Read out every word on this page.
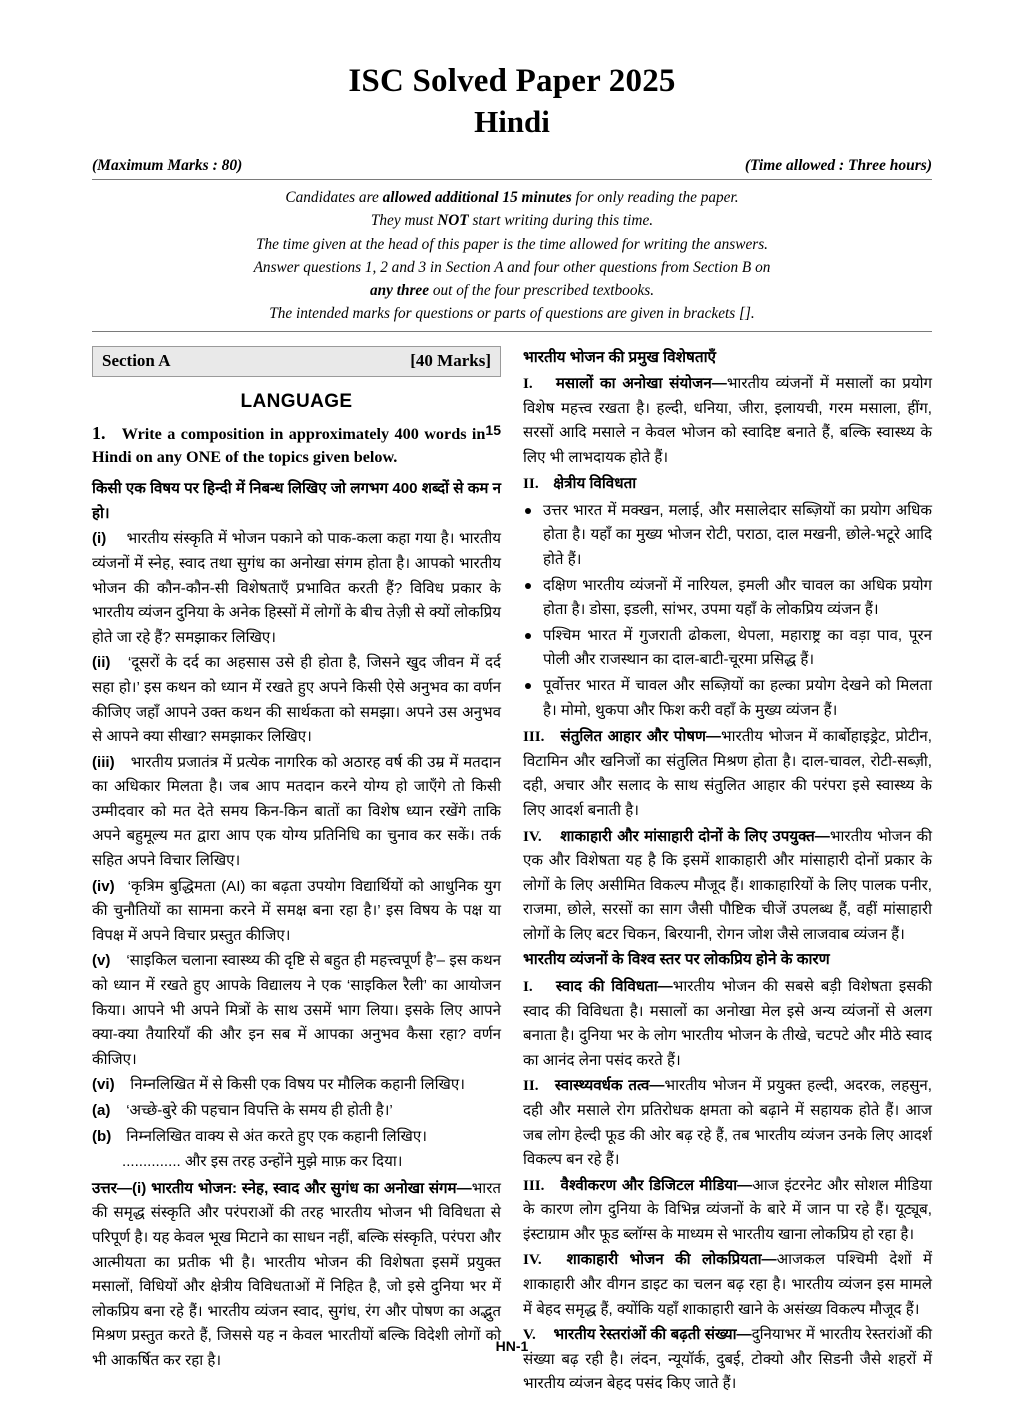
ISC Solved Paper 2025
Hindi
(Maximum Marks : 80)	(Time allowed : Three hours)
Candidates are allowed additional 15 minutes for only reading the paper.
They must NOT start writing during this time.
The time given at the head of this paper is the time allowed for writing the answers.
Answer questions 1, 2 and 3 in Section A and four other questions from Section B on
any three out of the four prescribed textbooks.
The intended marks for questions or parts of questions are given in brackets [].
Section A	[40 Marks]
LANGUAGE
15
1. Write a composition in approximately 400 words in Hindi on any ONE of the topics given below.
किसी एक विषय पर हिन्दी में निबन्ध लिखिए जो लगभग 400 शब्दों से कम न हो।
(i) भारतीय संस्कृति में भोजन पकाने को पाक-कला कहा गया है। भारतीय व्यंजनों में स्नेह, स्वाद तथा सुगंध का अनोखा संगम होता है। आपको भारतीय भोजन की कौन-कौन-सी विशेषताएँ प्रभावित करती हैं? विविध प्रकार के भारतीय व्यंजन दुनिया के अनेक हिस्सों में लोगों के बीच तेज़ी से क्यों लोकप्रिय होते जा रहे हैं? समझाकर लिखिए।
(ii) ‘दूसरों के दर्द का अहसास उसे ही होता है, जिसने खुद जीवन में दर्द सहा हो।’ इस कथन को ध्यान में रखते हुए अपने किसी ऐसे अनुभव का वर्णन कीजिए जहाँ आपने उक्त कथन की सार्थकता को समझा। अपने उस अनुभव से आपने क्या सीखा? समझाकर लिखिए।
(iii) भारतीय प्रजातंत्र में प्रत्येक नागरिक को अठारह वर्ष की उम्र में मतदान का अधिकार मिलता है। जब आप मतदान करने योग्य हो जाएँगे तो किसी उम्मीदवार को मत देते समय किन-किन बातों का विशेष ध्यान रखेंगे ताकि अपने बहुमूल्य मत द्वारा आप एक योग्य प्रतिनिधि का चुनाव कर सकें। तर्क सहित अपने विचार लिखिए।
(iv) ‘कृत्रिम बुद्धिमता (AI) का बढ़ता उपयोग विद्यार्थियों को आधुनिक युग की चुनौतियों का सामना करने में समक्ष बना रहा है।’ इस विषय के पक्ष या विपक्ष में अपने विचार प्रस्तुत कीजिए।
(v) ‘साइकिल चलाना स्वास्थ्य की दृष्टि से बहुत ही महत्त्वपूर्ण है’– इस कथन को ध्यान में रखते हुए आपके विद्यालय ने एक ‘साइकिल रैली’ का आयोजन किया। आपने भी अपने मित्रों के साथ उसमें भाग लिया। इसके लिए आपने क्या-क्या तैयारियाँ की और इन सब में आपका अनुभव कैसा रहा? वर्णन कीजिए।
(vi) निम्नलिखित में से किसी एक विषय पर मौलिक कहानी लिखिए।
(a) ‘अच्छे-बुरे की पहचान विपत्ति के समय ही होती है।’
(b) निम्नलिखित वाक्य से अंत करते हुए एक कहानी लिखिए।
.............. और इस तरह उन्होंने मुझे माफ़ कर दिया।
उत्तर—(i) भारतीय भोजन: स्नेह, स्वाद और सुगंध का अनोखा संगम—भारत की समृद्ध संस्कृति और परंपराओं की तरह भारतीय भोजन भी विविधता से परिपूर्ण है। यह केवल भूख मिटाने का साधन नहीं, बल्कि संस्कृति, परंपरा और आत्मीयता का प्रतीक भी है। भारतीय भोजन की विशेषता इसमें प्रयुक्त मसालों, विधियों और क्षेत्रीय विविधताओं में निहित है, जो इसे दुनिया भर में लोकप्रिय बना रहे हैं। भारतीय व्यंजन स्वाद, सुगंध, रंग और पोषण का अद्भुत मिश्रण प्रस्तुत करते हैं, जिससे यह न केवल भारतीयों बल्कि विदेशी लोगों को भी आकर्षित कर रहा है।
भारतीय भोजन की प्रमुख विशेषताएँ
I. मसालों का अनोखा संयोजन—भारतीय व्यंजनों में मसालों का प्रयोग विशेष महत्त्व रखता है। हल्दी, धनिया, जीरा, इलायची, गरम मसाला, हींग, सरसों आदि मसाले न केवल भोजन को स्वादिष्ट बनाते हैं, बल्कि स्वास्थ्य के लिए भी लाभदायक होते हैं।
II. क्षेत्रीय विविधता
उत्तर भारत में मक्खन, मलाई, और मसालेदार सब्ज़ियों का प्रयोग अधिक होता है। यहाँ का मुख्य भोजन रोटी, पराठा, दाल मखनी, छोले-भटूरे आदि होते हैं।
दक्षिण भारतीय व्यंजनों में नारियल, इमली और चावल का अधिक प्रयोग होता है। डोसा, इडली, सांभर, उपमा यहाँ के लोकप्रिय व्यंजन हैं।
पश्चिम भारत में गुजराती ढोकला, थेपला, महाराष्ट्र का वड़ा पाव, पूरन पोली और राजस्थान का दाल-बाटी-चूरमा प्रसिद्ध हैं।
पूर्वोत्तर भारत में चावल और सब्ज़ियों का हल्का प्रयोग देखने को मिलता है। मोमो, थुकपा और फिश करी वहाँ के मुख्य व्यंजन हैं।
III. संतुलित आहार और पोषण—भारतीय भोजन में कार्बोहाइड्रेट, प्रोटीन, विटामिन और खनिजों का संतुलित मिश्रण होता है। दाल-चावल, रोटी-सब्ज़ी, दही, अचार और सलाद के साथ संतुलित आहार की परंपरा इसे स्वास्थ्य के लिए आदर्श बनाती है।
IV. शाकाहारी और मांसाहारी दोनों के लिए उपयुक्त—भारतीय भोजन की एक और विशेषता यह है कि इसमें शाकाहारी और मांसाहारी दोनों प्रकार के लोगों के लिए असीमित विकल्प मौजूद हैं। शाकाहारियों के लिए पालक पनीर, राजमा, छोले, सरसों का साग जैसी पौष्टिक चीजें उपलब्ध हैं, वहीं मांसाहारी लोगों के लिए बटर चिकन, बिरयानी, रोगन जोश जैसे लाजवाब व्यंजन हैं।
भारतीय व्यंजनों के विश्व स्तर पर लोकप्रिय होने के कारण
I. स्वाद की विविधता—भारतीय भोजन की सबसे बड़ी विशेषता इसकी स्वाद की विविधता है। मसालों का अनोखा मेल इसे अन्य व्यंजनों से अलग बनाता है। दुनिया भर के लोग भारतीय भोजन के तीखे, चटपटे और मीठे स्वाद का आनंद लेना पसंद करते हैं।
II. स्वास्थ्यवर्धक तत्व—भारतीय भोजन में प्रयुक्त हल्दी, अदरक, लहसुन, दही और मसाले रोग प्रतिरोधक क्षमता को बढ़ाने में सहायक होते हैं। आज जब लोग हेल्दी फूड की ओर बढ़ रहे हैं, तब भारतीय व्यंजन उनके लिए आदर्श विकल्प बन रहे हैं।
III. वैश्वीकरण और डिजिटल मीडिया—आज इंटरनेट और सोशल मीडिया के कारण लोग दुनिया के विभिन्न व्यंजनों के बारे में जान पा रहे हैं। यूट्यूब, इंस्टाग्राम और फूड ब्लॉग्स के माध्यम से भारतीय खाना लोकप्रिय हो रहा है।
IV. शाकाहारी भोजन की लोकप्रियता—आजकल पश्चिमी देशों में शाकाहारी और वीगन डाइट का चलन बढ़ रहा है। भारतीय व्यंजन इस मामले में बेहद समृद्ध हैं, क्योंकि यहाँ शाकाहारी खाने के असंख्य विकल्प मौजूद हैं।
V. भारतीय रेस्तरांओं की बढ़ती संख्या—दुनियाभर में भारतीय रेस्तरांओं की संख्या बढ़ रही है। लंदन, न्यूयॉर्क, दुबई, टोक्यो और सिडनी जैसे शहरों में भारतीय व्यंजन बेहद पसंद किए जाते हैं।
HN-1
